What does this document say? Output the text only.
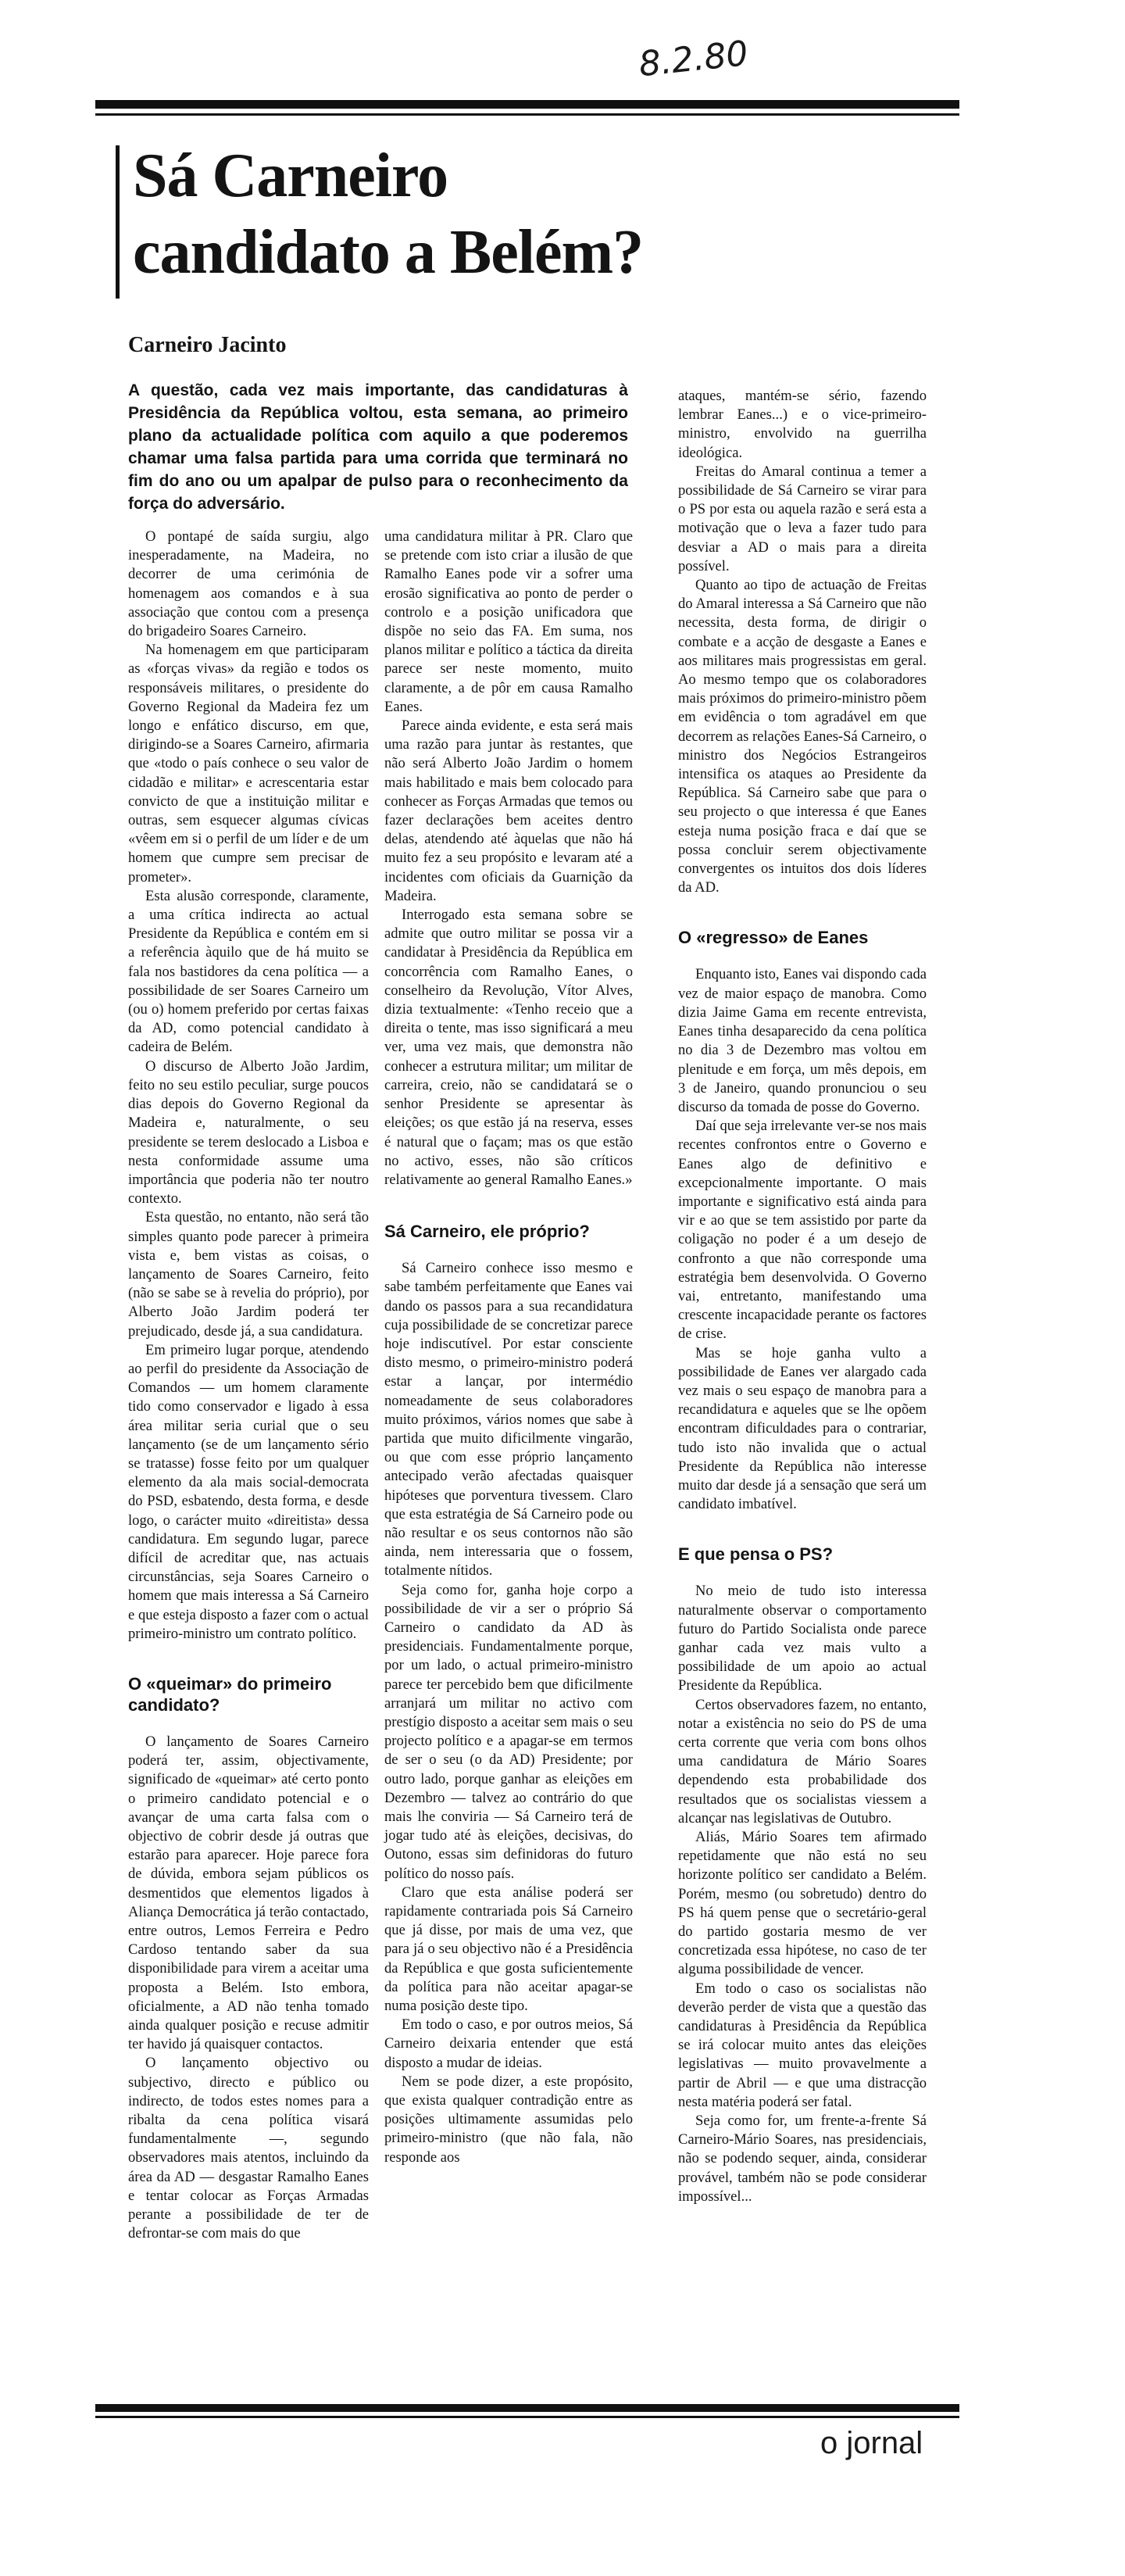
8.2.80
Sá Carneiro
candidato a Belém?

Carneiro Jacinto

A questão, cada vez mais importante, das candidaturas à Presidência da República voltou, esta semana, ao primeiro plano da actualidade política com aquilo a que poderemos chamar uma falsa partida para uma corrida que terminará no fim do ano ou um apalpar de pulso para o reconhecimento da força do adversário.

O pontapé de saída surgiu, algo inesperadamente, na Madeira, no decorrer de uma cerimónia de homenagem aos comandos e à sua associação que contou com a presença do brigadeiro Soares Carneiro.

Na homenagem em que participaram as «forças vivas» da região e todos os responsáveis militares, o presidente do Governo Regional da Madeira fez um longo e enfático discurso, em que, dirigindo-se a Soares Carneiro, afirmaria que «todo o país conhece o seu valor de cidadão e militar» e acrescentaria estar convicto de que a instituição militar e outras, sem esquecer algumas cívicas «vêem em si o perfil de um líder e de um homem que cumpre sem precisar de prometer».

Esta alusão corresponde, claramente, a uma crítica indirecta ao actual Presidente da República e contém em si a referência àquilo que de há muito se fala nos bastidores da cena política — a possibilidade de ser Soares Carneiro um (ou o) homem preferido por certas faixas da AD, como potencial candidato à cadeira de Belém.

O discurso de Alberto João Jardim, feito no seu estilo peculiar, surge poucos dias depois do Governo Regional da Madeira e, naturalmente, o seu presidente se terem deslocado a Lisboa e nesta conformidade assume uma importância que poderia não ter noutro contexto.

Esta questão, no entanto, não será tão simples quanto pode parecer à primeira vista e, bem vistas as coisas, o lançamento de Soares Carneiro, feito (não se sabe se à revelia do próprio), por Alberto João Jardim poderá ter prejudicado, desde já, a sua candidatura.

Em primeiro lugar porque, atendendo ao perfil do presidente da Associação de Comandos — um homem claramente tido como conservador e ligado à essa área militar seria curial que o seu lançamento (se de um lançamento sério se tratasse) fosse feito por um qualquer elemento da ala mais social-democrata do PSD, esbatendo, desta forma, e desde logo, o carácter muito «direitista» dessa candidatura. Em segundo lugar, parece difícil de acreditar que, nas actuais circunstâncias, seja Soares Carneiro o homem que mais interessa a Sá Carneiro e que esteja disposto a fazer com o actual primeiro-ministro um contrato político.

O «queimar» do primeiro candidato?

O lançamento de Soares Carneiro poderá ter, assim, objectivamente, significado de «queimar» até certo ponto o primeiro candidato potencial e o avançar de uma carta falsa com o objectivo de cobrir desde já outras que estarão para aparecer. Hoje parece fora de dúvida, embora sejam públicos os desmentidos que elementos ligados à Aliança Democrática já terão contactado, entre outros, Lemos Ferreira e Pedro Cardoso tentando saber da sua disponibilidade para virem a aceitar uma proposta a Belém. Isto embora, oficialmente, a AD não tenha tomado ainda qualquer posição e recuse admitir ter havido já quaisquer contactos.

O lançamento objectivo ou subjectivo, directo e público ou indirecto, de todos estes nomes para a ribalta da cena política visará fundamentalmente —, segundo observadores mais atentos, incluindo da área da AD — desgastar Ramalho Eanes e tentar colocar as Forças Armadas perante a possibilidade de ter de defrontar-se com mais do que

uma candidatura militar à PR. Claro que se pretende com isto criar a ilusão de que Ramalho Eanes pode vir a sofrer uma erosão significativa ao ponto de perder o controlo e a posição unificadora que dispõe no seio das FA. Em suma, nos planos militar e político a táctica da direita parece ser neste momento, muito claramente, a de pôr em causa Ramalho Eanes.

Parece ainda evidente, e esta será mais uma razão para juntar às restantes, que não será Alberto João Jardim o homem mais habilitado e mais bem colocado para conhecer as Forças Armadas que temos ou fazer declarações bem aceites dentro delas, atendendo até àquelas que não há muito fez a seu propósito e levaram até a incidentes com oficiais da Guarnição da Madeira.

Interrogado esta semana sobre se admite que outro militar se possa vir a candidatar à Presidência da República em concorrência com Ramalho Eanes, o conselheiro da Revolução, Vítor Alves, dizia textualmente: «Tenho receio que a direita o tente, mas isso significará a meu ver, uma vez mais, que demonstra não conhecer a estrutura militar; um militar de carreira, creio, não se candidatará se o senhor Presidente se apresentar às eleições; os que estão já na reserva, esses é natural que o façam; mas os que estão no activo, esses, não são críticos relativamente ao general Ramalho Eanes.»

Sá Carneiro, ele próprio?

Sá Carneiro conhece isso mesmo e sabe também perfeitamente que Eanes vai dando os passos para a sua recandidatura cuja possibilidade de se concretizar parece hoje indiscutível. Por estar consciente disto mesmo, o primeiro-ministro poderá estar a lançar, por intermédio nomeadamente de seus colaboradores muito próximos, vários nomes que sabe à partida que muito dificilmente vingarão, ou que com esse próprio lançamento antecipado verão afectadas quaisquer hipóteses que porventura tivessem. Claro que esta estratégia de Sá Carneiro pode ou não resultar e os seus contornos não são ainda, nem interessaria que o fossem, totalmente nítidos.

Seja como for, ganha hoje corpo a possibilidade de vir a ser o próprio Sá Carneiro o candidato da AD às presidenciais. Fundamentalmente porque, por um lado, o actual primeiro-ministro parece ter percebido bem que dificilmente arranjará um militar no activo com prestígio disposto a aceitar sem mais o seu projecto político e a apagar-se em termos de ser o seu (o da AD) Presidente; por outro lado, porque ganhar as eleições em Dezembro — talvez ao contrário do que mais lhe conviria — Sá Carneiro terá de jogar tudo até às eleições, decisivas, do Outono, essas sim definidoras do futuro político do nosso país.

Claro que esta análise poderá ser rapidamente contrariada pois Sá Carneiro que já disse, por mais de uma vez, que para já o seu objectivo não é a Presidência da República e que gosta suficientemente da política para não aceitar apagar-se numa posição deste tipo.

Em todo o caso, e por outros meios, Sá Carneiro deixaria entender que está disposto a mudar de ideias.

Nem se pode dizer, a este propósito, que exista qualquer contradição entre as posições ultimamente assumidas pelo primeiro-ministro (que não fala, não responde aos

ataques, mantém-se sério, fazendo lembrar Eanes...) e o vice-primeiro-ministro, envolvido na guerrilha ideológica.

Freitas do Amaral continua a temer a possibilidade de Sá Carneiro se virar para o PS por esta ou aquela razão e será esta a motivação que o leva a fazer tudo para desviar a AD o mais para a direita possível.

Quanto ao tipo de actuação de Freitas do Amaral interessa a Sá Carneiro que não necessita, desta forma, de dirigir o combate e a acção de desgaste a Eanes e aos militares mais progressistas em geral. Ao mesmo tempo que os colaboradores mais próximos do primeiro-ministro põem em evidência o tom agradável em que decorrem as relações Eanes-Sá Carneiro, o ministro dos Negócios Estrangeiros intensifica os ataques ao Presidente da República. Sá Carneiro sabe que para o seu projecto o que interessa é que Eanes esteja numa posição fraca e daí que se possa concluir serem objectivamente convergentes os intuitos dos dois líderes da AD.

O «regresso» de Eanes

Enquanto isto, Eanes vai dispondo cada vez de maior espaço de manobra. Como dizia Jaime Gama em recente entrevista, Eanes tinha desaparecido da cena política no dia 3 de Dezembro mas voltou em plenitude e em força, um mês depois, em 3 de Janeiro, quando pronunciou o seu discurso da tomada de posse do Governo.

Daí que seja irrelevante ver-se nos mais recentes confrontos entre o Governo e Eanes algo de definitivo e excepcionalmente importante. O mais importante e significativo está ainda para vir e ao que se tem assistido por parte da coligação no poder é a um desejo de confronto a que não corresponde uma estratégia bem desenvolvida. O Governo vai, entretanto, manifestando uma crescente incapacidade perante os factores de crise.

Mas se hoje ganha vulto a possibilidade de Eanes ver alargado cada vez mais o seu espaço de manobra para a recandidatura e aqueles que se lhe opõem encontram dificuldades para o contrariar, tudo isto não invalida que o actual Presidente da República não interesse muito dar desde já a sensação que será um candidato imbatível.

E que pensa o PS?

No meio de tudo isto interessa naturalmente observar o comportamento futuro do Partido Socialista onde parece ganhar cada vez mais vulto a possibilidade de um apoio ao actual Presidente da República.

Certos observadores fazem, no entanto, notar a existência no seio do PS de uma certa corrente que veria com bons olhos uma candidatura de Mário Soares dependendo esta probabilidade dos resultados que os socialistas viessem a alcançar nas legislativas de Outubro.

Aliás, Mário Soares tem afirmado repetidamente que não está no seu horizonte político ser candidato a Belém. Porém, mesmo (ou sobretudo) dentro do PS há quem pense que o secretário-geral do partido gostaria mesmo de ver concretizada essa hipótese, no caso de ter alguma possibilidade de vencer.

Em todo o caso os socialistas não deverão perder de vista que a questão das candidaturas à Presidência da República se irá colocar muito antes das eleições legislativas — muito provavelmente a partir de Abril — e que uma distracção nesta matéria poderá ser fatal.

Seja como for, um frente-a-frente Sá Carneiro-Mário Soares, nas presidenciais, não se podendo sequer, ainda, considerar provável, também não se pode considerar impossível...

o jornal
